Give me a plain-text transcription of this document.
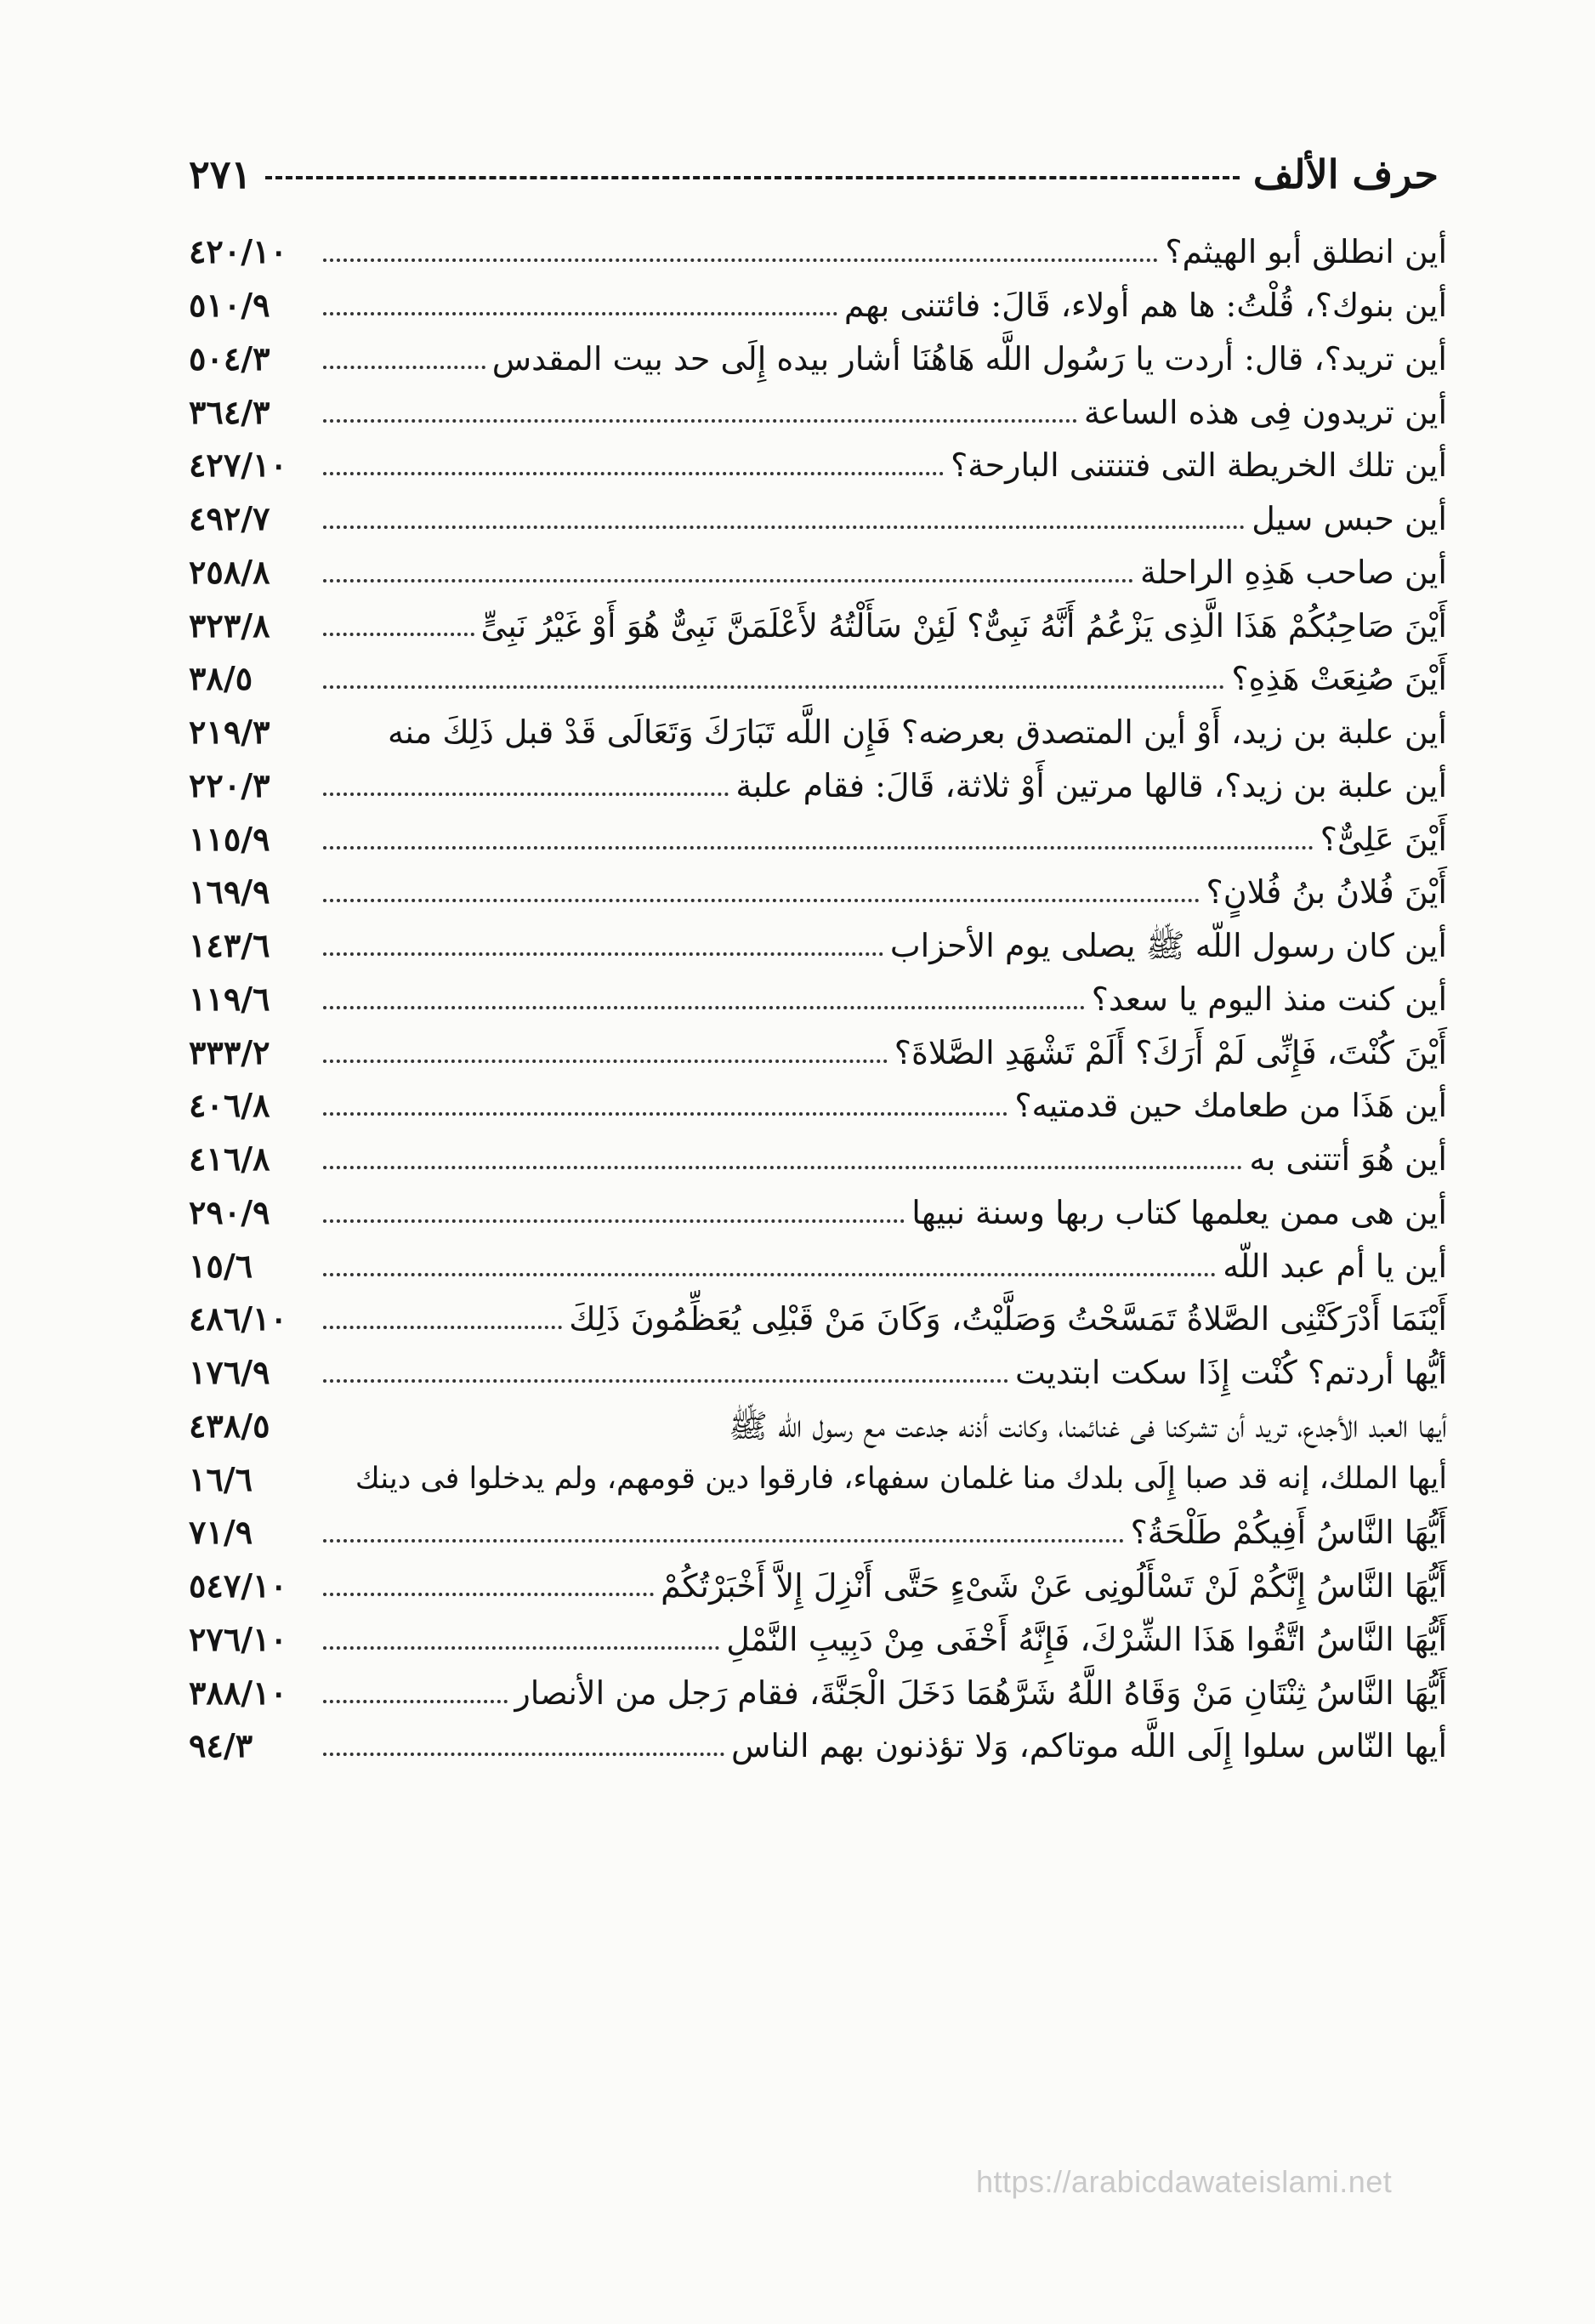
حرف الألف
٢٧١
أين انطلق أبو الهيثم؟
٤٢٠/١٠
أين بنوك؟، قُلْتُ: ها هم أولاء، قَالَ: فائتنى بهم
٥١٠/٩
أين تريد؟، قال: أردت يا رَسُول اللَّه هَاهُنَا أشار بيده إِلَى حد بيت المقدس
٥٠٤/٣
أين تريدون فِى هذه الساعة
٣٦٤/٣
أين تلك الخريطة التى فتنتنى البارحة؟
٤٢٧/١٠
أين حبس سيل
٤٩٢/٧
أين صاحب هَذِهِ الراحلة
٢٥٨/٨
أَيْنَ صَاحِبُكُمْ هَذَا الَّذِى يَزْعُمُ أَنَّهُ نَبِىٌّ؟ لَئِنْ سَأَلْتُهُ لأَعْلَمَنَّ نَبِىٌّ هُوَ أَوْ غَيْرُ نَبِىٍّ
٣٢٣/٨
أَيْنَ صُنِعَتْ هَذِهِ؟
٣٨/٥
أين علبة بن زيد، أَوْ أين المتصدق بعرضه؟ فَإِن اللَّه تَبَارَكَ وَتَعَالَى قَدْ قبل ذَلِكَ منه
٢١٩/٣
أين علبة بن زيد؟، قالها مرتين أَوْ ثلاثة، قَالَ: فقام علبة
٢٢٠/٣
أَيْنَ عَلِىٌّ؟
١١٥/٩
أَيْنَ فُلانُ بنُ فُلانٍ؟
١٦٩/٩
أين كان رسول اللّه ﷺ يصلى يوم الأحزاب
١٤٣/٦
أين كنت منذ اليوم يا سعد؟
١١٩/٦
أَيْنَ كُنْتَ، فَإِنِّى لَمْ أَرَكَ؟ أَلَمْ تَشْهَدِ الصَّلاةَ؟
٣٣٣/٢
أين هَذَا من طعامك حين قدمتيه؟
٤٠٦/٨
أين هُوَ أتتنى به
٤١٦/٨
أين هى ممن يعلمها كتاب ربها وسنة نبيها
٢٩٠/٩
أين يا أم عبد اللّه
١٥/٦
أَيْنَمَا أَدْرَكَتْنِى الصَّلاةُ تَمَسَّحْتُ وَصَلَّيْتُ، وَكَانَ مَنْ قَبْلِى يُعَظِّمُونَ ذَلِكَ
٤٨٦/١٠
أيُّها أردتم؟ كُنْت إِذَا سكت ابتديت
١٧٦/٩
أيها العبد الأجدع، تريد أن تشركنا فى غنائمنا، وكانت أذنه جدعت مع رسول اللّه ﷺ
٤٣٨/٥
أيها الملك، إنه قد صبا إِلَى بلدك منا غلمان سفهاء، فارقوا دين قومهم، ولم يدخلوا فى دينك
١٦/٦
أَيُّهَا النَّاسُ أَفِيكُمْ طَلْحَةُ؟
٧١/٩
أَيُّهَا النَّاسُ إِنَّكُمْ لَنْ تَسْأَلُونِى عَنْ شَىْءٍ حَتَّى أَنْزِلَ إِلاَّ أَخْبَرْتُكُمْ
٥٤٧/١٠
أَيُّهَا النَّاسُ اتَّقُوا هَذَا الشِّرْكَ، فَإِنَّهُ أَخْفَى مِنْ دَبِيبِ النَّمْلِ
٢٧٦/١٠
أَيُّهَا النَّاسُ ثِنْتَانِ مَنْ وَقَاهُ اللَّهُ شَرَّهُمَا دَخَلَ الْجَنَّةَ، فقام رَجل من الأنصار
٣٨٨/١٠
أيها النّاس سلوا إِلَى اللَّه موتاكم، وَلا تؤذنون بهم الناس
٩٤/٣
https://arabicdawateislami.net
